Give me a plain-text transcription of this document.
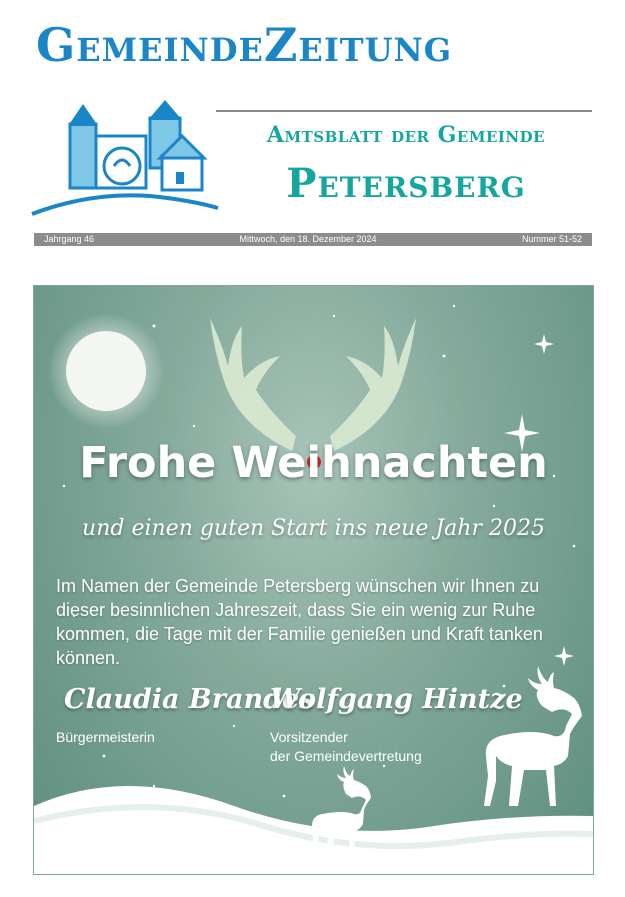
GemeindeZeitung
Amtsblatt der Gemeinde
Petersberg
Jahrgang 46	Mittwoch, den 18. Dezember 2024	Nummer 51-52
Frohe Weihnachten
und einen guten Start ins neue Jahr 2025
Im Namen der Gemeinde Petersberg wünschen wir Ihnen zu dieser besinnlichen Jahreszeit, dass Sie ein wenig zur Ruhe kommen, die Tage mit der Familie genießen und Kraft tanken können.
Claudia Brandes
Bürgermeisterin
Wolfgang Hintze
Vorsitzender
der Gemeindevertretung
